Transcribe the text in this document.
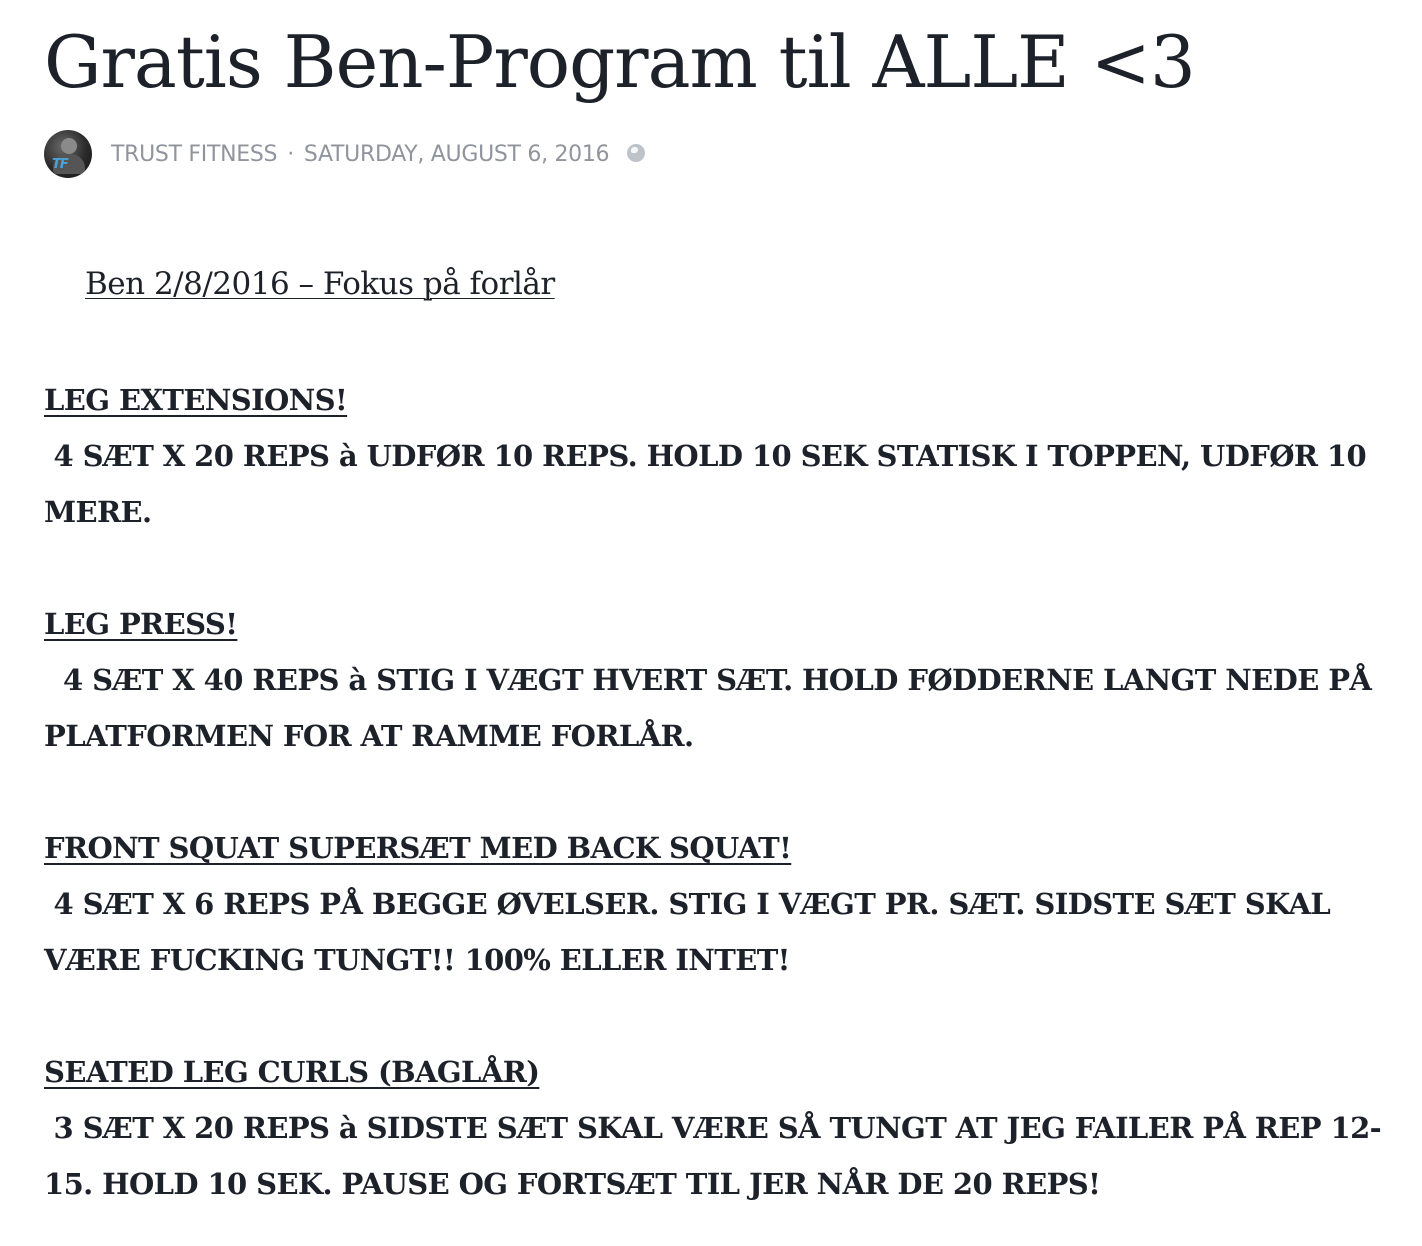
Gratis Ben-Program til ALLE <3
TF TRUST FITNESS · SATURDAY, AUGUST 6, 2016
Ben 2/8/2016 – Fokus på forlår
LEG EXTENSIONS!

4 SÆT X 20 REPS à UDFØR 10 REPS. HOLD 10 SEK STATISK I TOPPEN, UDFØR 10 MERE.

LEG PRESS!

4 SÆT X 40 REPS à STIG I VÆGT HVERT SÆT. HOLD FØDDERNE LANGT NEDE PÅ PLATFORMEN FOR AT RAMME FORLÅR.

FRONT SQUAT SUPERSÆT MED BACK SQUAT!

4 SÆT X 6 REPS PÅ BEGGE ØVELSER. STIG I VÆGT PR. SÆT. SIDSTE SÆT SKAL VÆRE FUCKING TUNGT!! 100% ELLER INTET!

SEATED LEG CURLS (BAGLÅR)

3 SÆT X 20 REPS à SIDSTE SÆT SKAL VÆRE SÅ TUNGT AT JEG FAILER PÅ REP 12-15. HOLD 10 SEK. PAUSE OG FORTSÆT TIL JER NÅR DE 20 REPS!
